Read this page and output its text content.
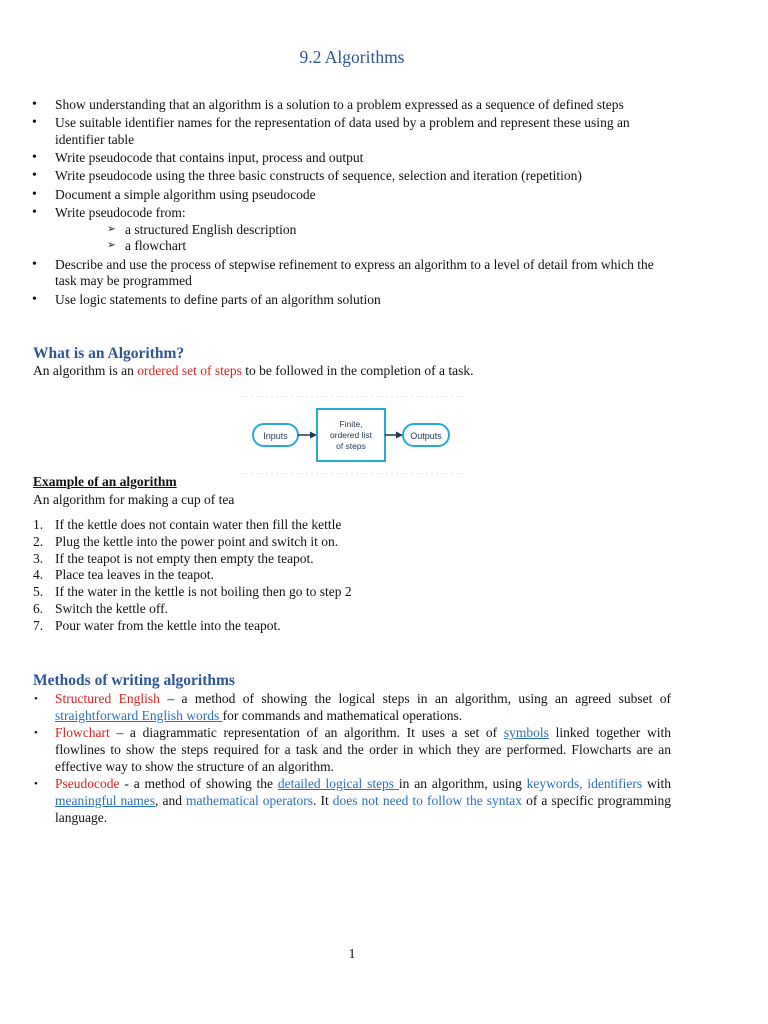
9.2 Algorithms
• Show understanding that an algorithm is a solution to a problem expressed as a sequence of defined steps
• Use suitable identifier names for the representation of data used by a problem and represent these using an identifier table
• Write pseudocode that contains input, process and output
• Write pseudocode using the three basic constructs of sequence, selection and iteration (repetition)
• Document a simple algorithm using pseudocode
• Write pseudocode from:
➢ a structured English description
➢ a flowchart
• Describe and use the process of stepwise refinement to express an algorithm to a level of detail from which the task may be programmed
• Use logic statements to define parts of an algorithm solution
What is an Algorithm?

An algorithm is an ordered set of steps to be followed in the completion of a task.

Inputs
Finite,
ordered list
of steps
Outputs
Example of an algorithm

An algorithm for making a cup of tea

1. If the kettle does not contain water then fill the kettle
2. Plug the kettle into the power point and switch it on.
3. If the teapot is not empty then empty the teapot.
4. Place tea leaves in the teapot.
5. If the water in the kettle is not boiling then go to step 2
6. Switch the kettle off.
7. Pour water from the kettle into the teapot.
Methods of writing algorithms
• Structured English – a method of showing the logical steps in an algorithm, using an agreed subset of straightforward English words for commands and mathematical operations.
• Flowchart – a diagrammatic representation of an algorithm. It uses a set of symbols linked together with flowlines to show the steps required for a task and the order in which they are performed. Flowcharts are an effective way to show the structure of an algorithm.
• Pseudocode - a method of showing the detailed logical steps in an algorithm, using keywords, identifiers with meaningful names, and mathematical operators. It does not need to follow the syntax of a specific programming language.
1
